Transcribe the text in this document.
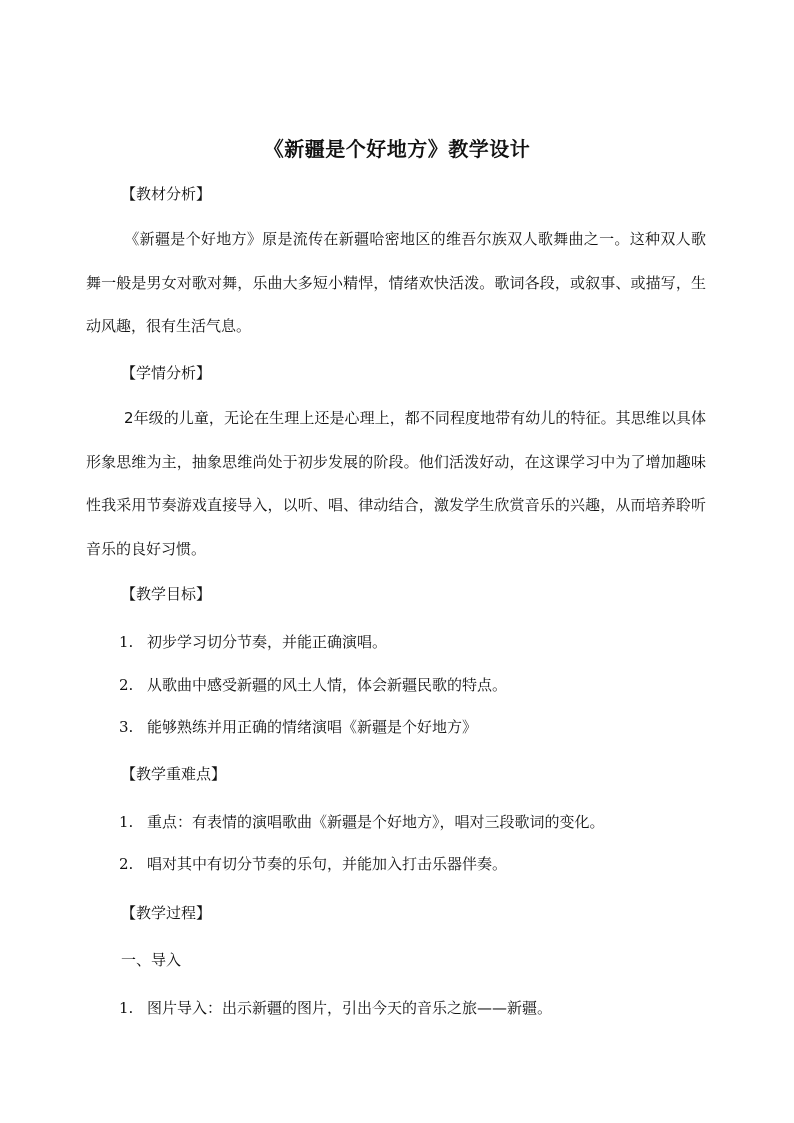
《新疆是个好地方》教学设计
【教材分析】
《新疆是个好地方》原是流传在新疆哈密地区的维吾尔族双人歌舞曲之一。这种双人歌舞一般是男女对歌对舞，乐曲大多短小精悍，情绪欢快活泼。歌词各段，或叙事、或描写，生动风趣，很有生活气息。
【学情分析】
2年级的儿童，无论在生理上还是心理上，都不同程度地带有幼儿的特征。其思维以具体形象思维为主，抽象思维尚处于初步发展的阶段。他们活泼好动，在这课学习中为了增加趣味性我采用节奏游戏直接导入，以听、唱、律动结合，激发学生欣赏音乐的兴趣，从而培养聆听音乐的良好习惯。
【教学目标】
1. 初步学习切分节奏，并能正确演唱。
2. 从歌曲中感受新疆的风土人情，体会新疆民歌的特点。
3. 能够熟练并用正确的情绪演唱《新疆是个好地方》
【教学重难点】
1. 重点：有表情的演唱歌曲《新疆是个好地方》，唱对三段歌词的变化。
2. 唱对其中有切分节奏的乐句，并能加入打击乐器伴奏。
【教学过程】
一、导入
1. 图片导入：出示新疆的图片，引出今天的音乐之旅——新疆。
